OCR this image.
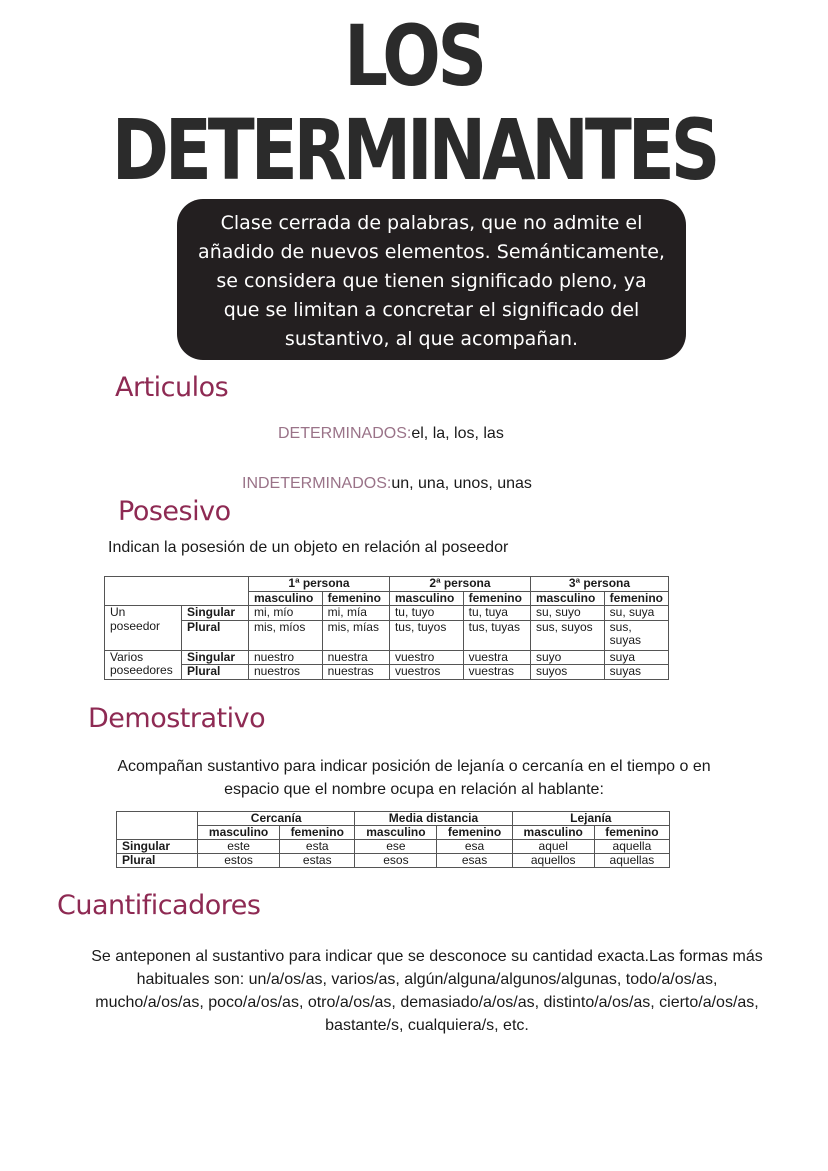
LOS
DETERMINANTES
Clase cerrada de palabras, que no admite el
añadido de nuevos elementos. Semánticamente,
se considera que tienen significado pleno, ya
que se limitan a concretar el significado del
sustantivo, al que acompañan.
Articulos
DETERMINADOS:el, la, los, las
INDETERMINADOS:un, una, unos, unas
Posesivo
Indican la posesión de un objeto en relación al poseedor
		1ª persona		2ª persona		3ª persona	
		masculino	femenino	masculino	femenino	masculino	femenino
Un poseedor	Singular	mi, mío	mi, mía	tu, tuyo	tu, tuya	su, suyo	su, suya
	Plural	mis, míos	mis, mías	tus, tuyos	tus, tuyas	sus, suyos	sus, suyas
Varios poseedores	Singular	nuestro	nuestra	vuestro	vuestra	suyo	suya
	Plural	nuestros	nuestras	vuestros	vuestras	suyos	suyas
Demostrativo
Acompañan sustantivo para indicar posición de lejanía o cercanía en el tiempo o en
espacio que el nombre ocupa en relación al hablante:
	Cercanía		Media distancia		Lejanía	
	masculino	femenino	masculino	femenino	masculino	femenino
Singular	este	esta	ese	esa	aquel	aquella
Plural	estos	estas	esos	esas	aquellos	aquellas
Cuantificadores
Se anteponen al sustantivo para indicar que se desconoce su cantidad exacta.Las formas más
habituales son: un/a/os/as, varios/as, algún/alguna/algunos/algunas, todo/a/os/as,
mucho/a/os/as, poco/a/os/as, otro/a/os/as, demasiado/a/os/as, distinto/a/os/as, cierto/a/os/as,
bastante/s, cualquiera/s, etc.
